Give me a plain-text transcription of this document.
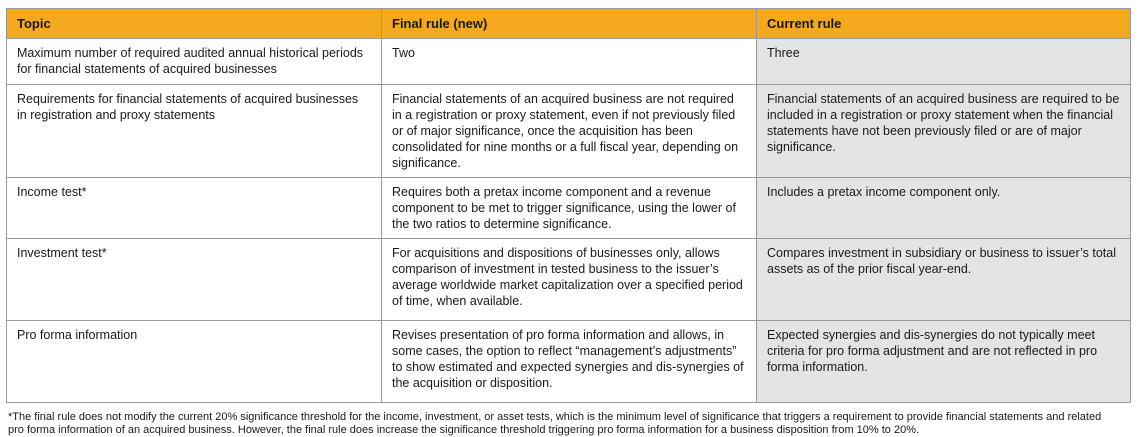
Topic	Final rule (new)	Current rule
Maximum number of required audited annual historical periods for financial statements of acquired businesses	Two	Three
Requirements for financial statements of acquired businesses in registration and proxy statements	Financial statements of an acquired business are not required in a registration or proxy statement, even if not previously filed or of major significance, once the acquisition has been consolidated for nine months or a full fiscal year, depending on significance.	Financial statements of an acquired business are required to be included in a registration or proxy statement when the financial statements have not been previously filed or are of major significance.
Income test*	Requires both a pretax income component and a revenue component to be met to trigger significance, using the lower of the two ratios to determine significance.	Includes a pretax income component only.
Investment test*	For acquisitions and dispositions of businesses only, allows comparison of investment in tested business to the issuer’s average worldwide market capitalization over a specified period of time, when available.	Compares investment in subsidiary or business to issuer’s total assets as of the prior fiscal year-end.
Pro forma information	Revises presentation of pro forma information and allows, in some cases, the option to reflect “management’s adjustments” to show estimated and expected synergies and dis-synergies of the acquisition or disposition.	Expected synergies and dis-synergies do not typically meet criteria for pro forma adjustment and are not reflected in pro forma information.
*The final rule does not modify the current 20% significance threshold for the income, investment, or asset tests, which is the minimum level of significance that triggers a requirement to provide financial statements and related pro forma information of an acquired business. However, the final rule does increase the significance threshold triggering pro forma information for a business disposition from 10% to 20%.
